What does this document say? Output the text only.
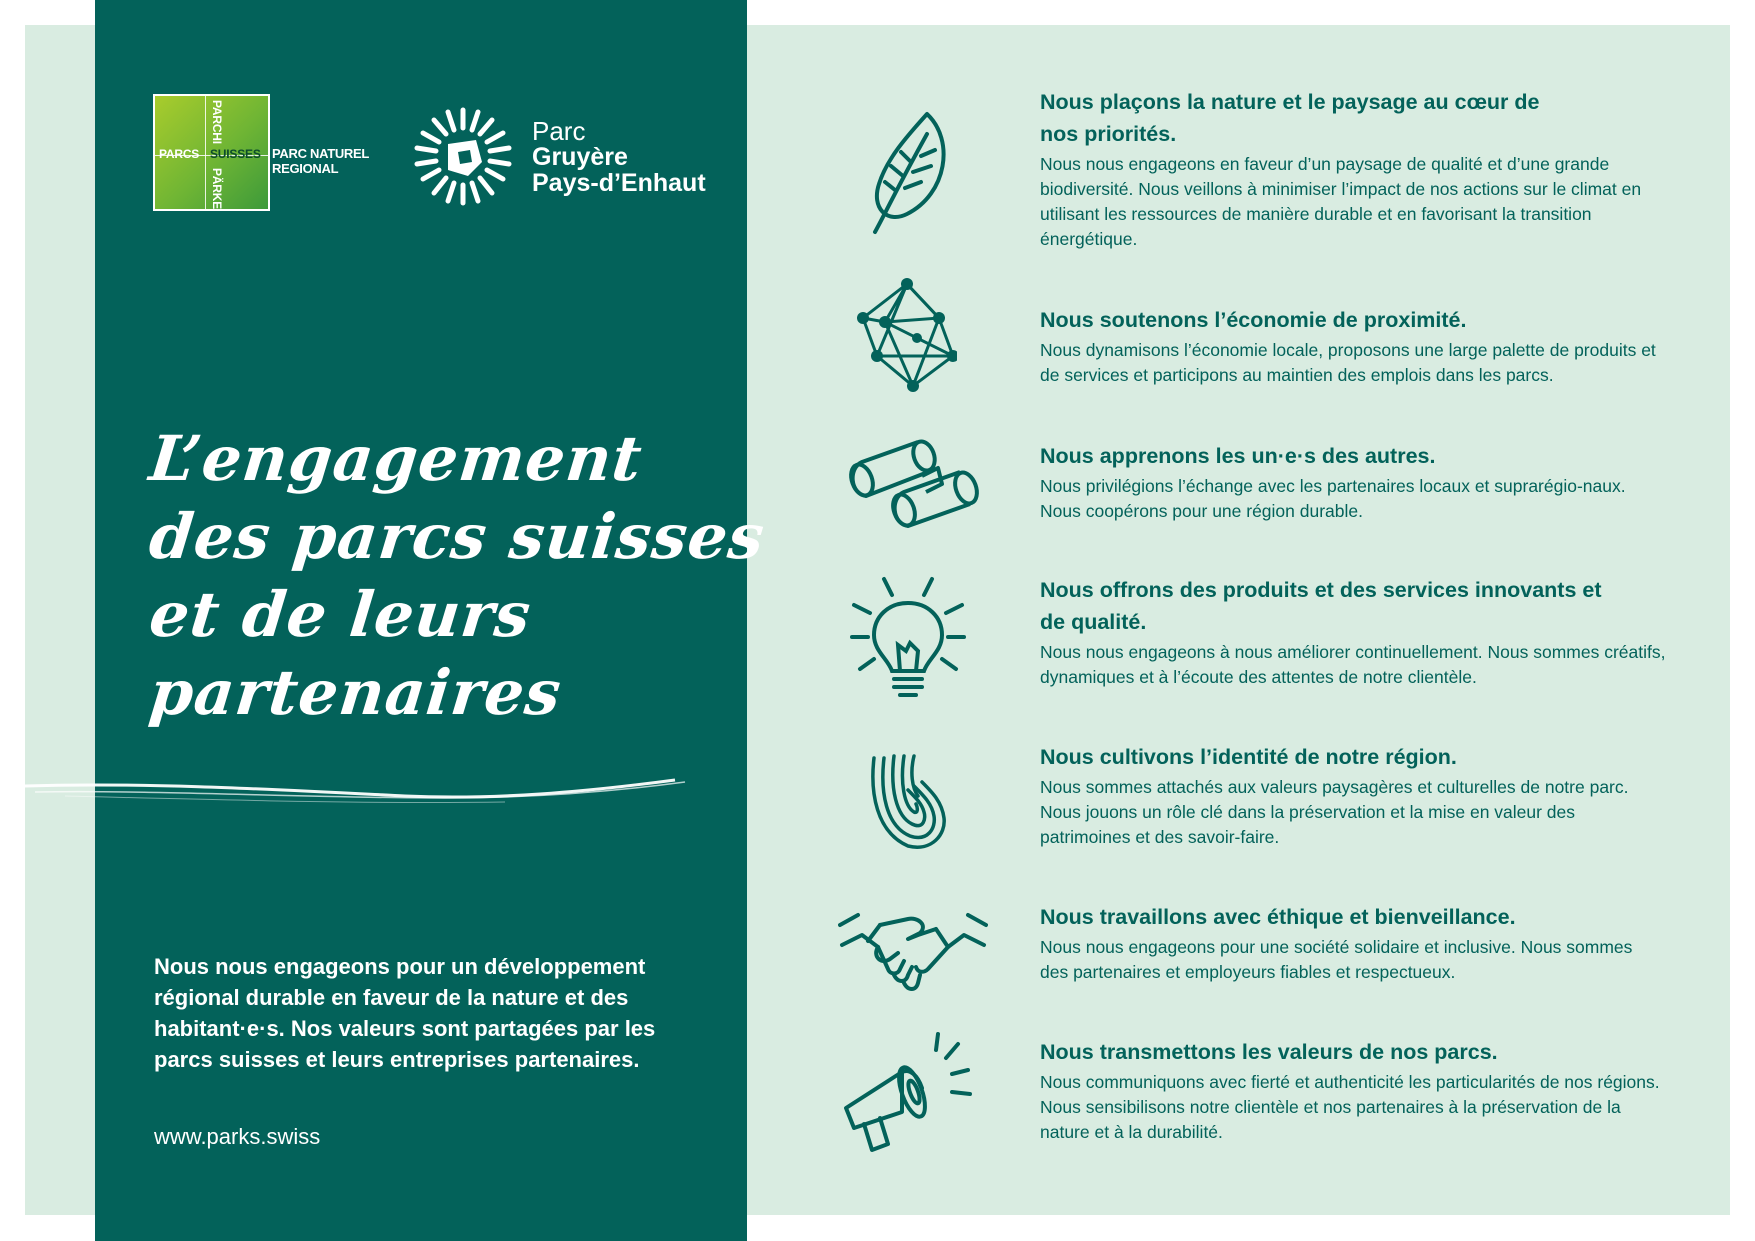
PARCS SUISSES
PARCHI
PÄRKE
PARC NATUREL
REGIONAL
Parc
Gruyère
Pays-d’Enhaut
L’engagement
des parcs suisses
et de leurs
partenaires

Nous nous engageons pour un développement régional durable en faveur de la nature et des habitant·e·s. Nos valeurs sont partagées par les parcs suisses et leurs entreprises partenaires.

www.parks.swiss
Nous plaçons la nature et le paysage au cœur de nos priorités.

Nous nous engageons en faveur d’un paysage de qualité et d’une grande biodiversité. Nous veillons à minimiser l’impact de nos actions sur le climat en utilisant les ressources de manière durable et en favorisant la transition énergétique.

Nous soutenons l’économie de proximité.

Nous dynamisons l’économie locale, proposons une large palette de produits et de services et participons au maintien des emplois dans les parcs.

Nous apprenons les un·e·s des autres.

Nous privilégions l’échange avec les partenaires locaux et suprarégio-naux. Nous coopérons pour une région durable.

Nous offrons des produits et des services innovants et de qualité.

Nous nous engageons à nous améliorer continuellement. Nous sommes créatifs, dynamiques et à l’écoute des attentes de notre clientèle.

Nous cultivons l’identité de notre région.

Nous sommes attachés aux valeurs paysagères et culturelles de notre parc. Nous jouons un rôle clé dans la préservation et la mise en valeur des patrimoines et des savoir-faire.

Nous travaillons avec éthique et bienveillance.

Nous nous engageons pour une société solidaire et inclusive. Nous sommes des partenaires et employeurs fiables et respectueux.

Nous transmettons les valeurs de nos parcs.

Nous communiquons avec fierté et authenticité les particularités de nos régions. Nous sensibilisons notre clientèle et nos partenaires à la préservation de la nature et à la durabilité.
